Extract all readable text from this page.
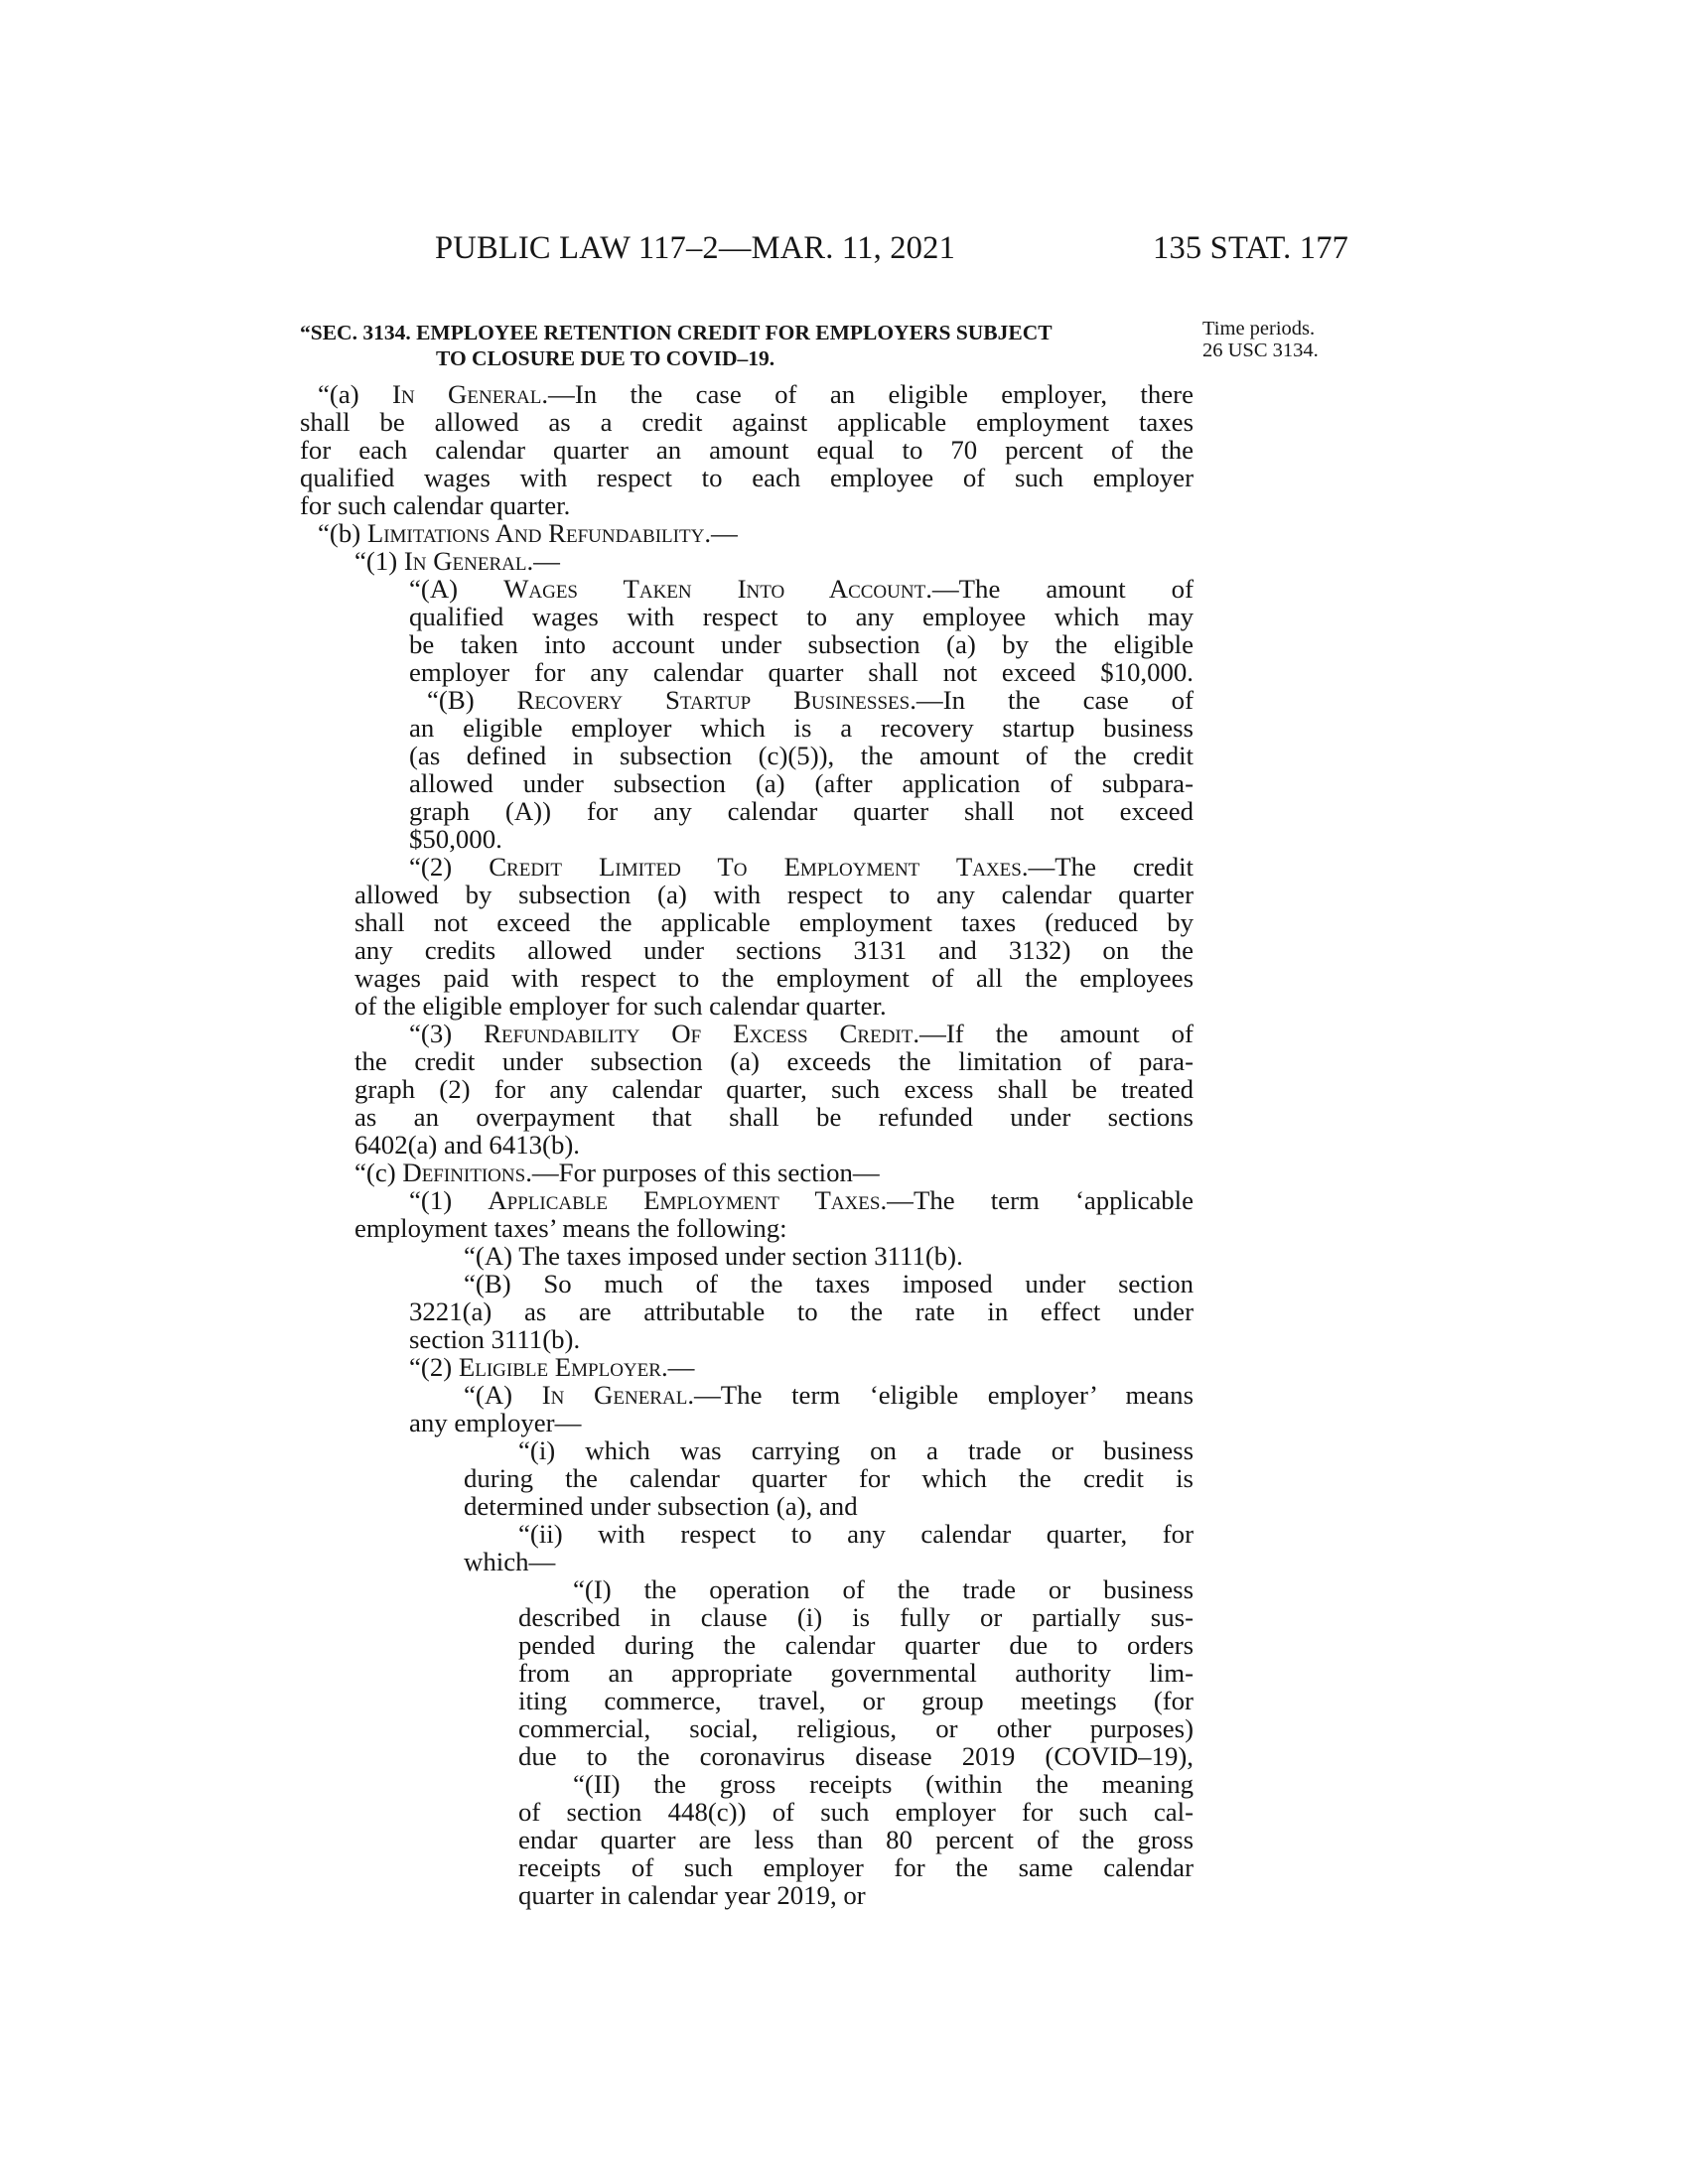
PUBLIC LAW 117–2—MAR. 11, 2021	135 STAT. 177
Time periods.
26 USC 3134.
“SEC. 3134. EMPLOYEE RETENTION CREDIT FOR EMPLOYERS SUBJECT
TO CLOSURE DUE TO COVID–19.
“(a) In General.—In the case of an eligible employer, there
shall be allowed as a credit against applicable employment taxes
for each calendar quarter an amount equal to 70 percent of the
qualified wages with respect to each employee of such employer
for such calendar quarter.
“(b) Limitations And Refundability.—
“(1) In General.—
“(A) Wages Taken Into Account.—The amount of
qualified wages with respect to any employee which may
be taken into account under subsection (a) by the eligible
employer for any calendar quarter shall not exceed $10,000.
“(B) Recovery Startup Businesses.—In the case of
an eligible employer which is a recovery startup business
(as defined in subsection (c)(5)), the amount of the credit
allowed under subsection (a) (after application of subpara-
graph (A)) for any calendar quarter shall not exceed
$50,000.
“(2) Credit Limited To Employment Taxes.—The credit
allowed by subsection (a) with respect to any calendar quarter
shall not exceed the applicable employment taxes (reduced by
any credits allowed under sections 3131 and 3132) on the
wages paid with respect to the employment of all the employees
of the eligible employer for such calendar quarter.
“(3) Refundability Of Excess Credit.—If the amount of
the credit under subsection (a) exceeds the limitation of para-
graph (2) for any calendar quarter, such excess shall be treated
as an overpayment that shall be refunded under sections
6402(a) and 6413(b).
“(c) Definitions.—For purposes of this section—
“(1) Applicable Employment Taxes.—The term ‘applicable
employment taxes’ means the following:
“(A) The taxes imposed under section 3111(b).
“(B) So much of the taxes imposed under section
3221(a) as are attributable to the rate in effect under
section 3111(b).
“(2) Eligible Employer.—
“(A) In General.—The term ‘eligible employer’ means
any employer—
“(i) which was carrying on a trade or business
during the calendar quarter for which the credit is
determined under subsection (a), and
“(ii) with respect to any calendar quarter, for
which—
“(I) the operation of the trade or business
described in clause (i) is fully or partially sus-
pended during the calendar quarter due to orders
from an appropriate governmental authority lim-
iting commerce, travel, or group meetings (for
commercial, social, religious, or other purposes)
due to the coronavirus disease 2019 (COVID–19),
“(II) the gross receipts (within the meaning
of section 448(c)) of such employer for such cal-
endar quarter are less than 80 percent of the gross
receipts of such employer for the same calendar
quarter in calendar year 2019, or
